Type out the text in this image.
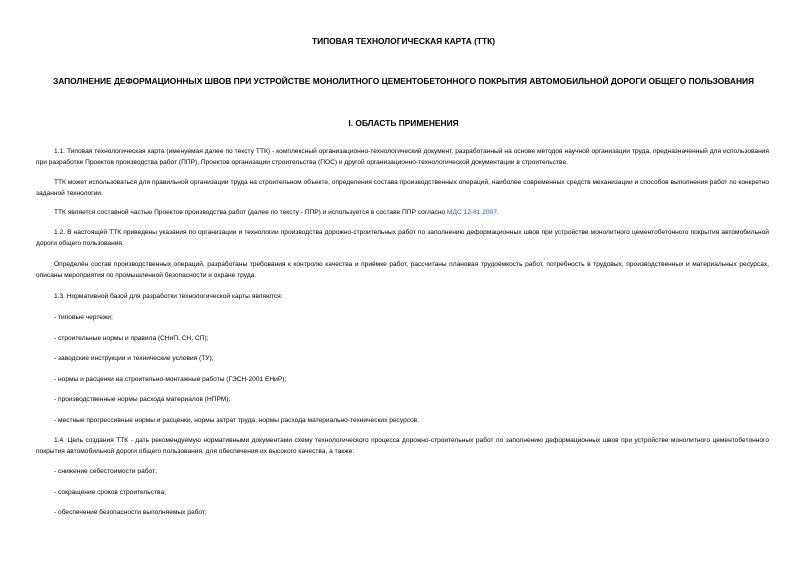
ТИПОВАЯ ТЕХНОЛОГИЧЕСКАЯ КАРТА (ТТК)
ЗАПОЛНЕНИЕ ДЕФОРМАЦИОННЫХ ШВОВ ПРИ УСТРОЙСТВЕ МОНОЛИТНОГО ЦЕМЕНТОБЕТОННОГО ПОКРЫТИЯ АВТОМОБИЛЬНОЙ ДОРОГИ ОБЩЕГО ПОЛЬЗОВАНИЯ
I. ОБЛАСТЬ ПРИМЕНЕНИЯ

1.1. Типовая технологическая карта (именуемая далее по тексту ТТК) - комплексный организационно-технологический документ, разработанный на основе методов научной организации труда, предназначенный для использования при разработке Проектов производства работ (ППР), Проектов организации строительства (ПОС) и другой организационно-технологической документации в строительстве.

ТТК может использоваться для правильной организации труда на строительном объекте, определения состава производственных операций, наиболее современных средств механизации и способов выполнения работ по конкретно заданной технологии.

ТТК является составной частью Проектов производства работ (далее по тексту - ППР) и используется в составе ППР согласно МДС 12-81.2007.

1.2. В настоящей ТТК приведены указания по организации и технологии производства дорожно-строительных работ по заполнению деформационных швов при устройстве монолитного цементобетонного покрытия автомобильной дороги общего пользования.

Определён состав производственных операций, разработаны требования к контролю качества и приёмке работ, рассчитаны плановая трудоёмкость работ, потребность в трудовых, производственных и материальных ресурсах, описаны мероприятия по промышленной безопасности и охране труда.

1.3. Нормативной базой для разработки технологической карты являются:

- типовые чертежи;

- строительные нормы и правила (СНиП, СН, СП);

- заводские инструкции и технические условия (ТУ);

- нормы и расценки на строительно-монтажные работы (ГЭСН-2001 ЕНиР);

- производственные нормы расхода материалов (НПРМ);

- местные прогрессивные нормы и расценки, нормы затрат труда, нормы расхода материально-технических ресурсов.

1.4. Цель создания ТТК - дать рекомендуемую нормативными документами схему технологического процесса дорожно-строительных работ по заполнению деформационных швов при устройстве монолитного цементобетонного покрытия автомобильной дороги общего пользования, для обеспечения их высокого качества, а также:

- снижение себестоимости работ;

- сокращение сроков строительства;

- обеспечение безопасности выполняемых работ;
